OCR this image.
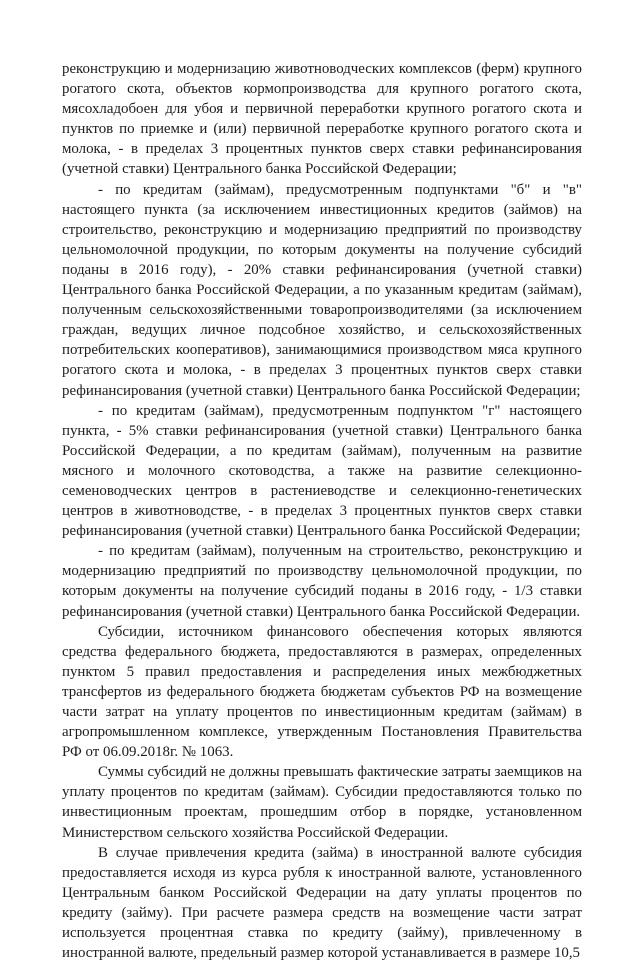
реконструкцию и модернизацию животноводческих комплексов (ферм) крупного рогатого скота, объектов кормопроизводства для крупного рогатого скота, мясохладобоен для убоя и первичной переработки крупного рогатого скота и пунктов по приемке и (или) первичной переработке крупного рогатого скота и молока, - в пределах 3 процентных пунктов сверх ставки рефинансирования (учетной ставки) Центрального банка Российской Федерации;

- по кредитам (займам), предусмотренным подпунктами "б" и "в" настоящего пункта (за исключением инвестиционных кредитов (займов) на строительство, реконструкцию и модернизацию предприятий по производству цельномолочной продукции, по которым документы на получение субсидий поданы в 2016 году), - 20% ставки рефинансирования (учетной ставки) Центрального банка Российской Федерации, а по указанным кредитам (займам), полученным сельскохозяйственными товаропроизводителями (за исключением граждан, ведущих личное подсобное хозяйство, и сельскохозяйственных потребительских кооперативов), занимающимися производством мяса крупного рогатого скота и молока, - в пределах 3 процентных пунктов сверх ставки рефинансирования (учетной ставки) Центрального банка Российской Федерации;

- по кредитам (займам), предусмотренным подпунктом "г" настоящего пункта, - 5% ставки рефинансирования (учетной ставки) Центрального банка Российской Федерации, а по кредитам (займам), полученным на развитие мясного и молочного скотоводства, а также на развитие селекционно-семеноводческих центров в растениеводстве и селекционно-генетических центров в животноводстве, - в пределах 3 процентных пунктов сверх ставки рефинансирования (учетной ставки) Центрального банка Российской Федерации;

- по кредитам (займам), полученным на строительство, реконструкцию и модернизацию предприятий по производству цельномолочной продукции, по которым документы на получение субсидий поданы в 2016 году, - 1/3 ставки рефинансирования (учетной ставки) Центрального банка Российской Федерации.

Субсидии, источником финансового обеспечения которых являются средства федерального бюджета, предоставляются в размерах, определенных пунктом 5 правил предоставления и распределения иных межбюджетных трансфертов из федерального бюджета бюджетам субъектов РФ на возмещение части затрат на уплату процентов по инвестиционным кредитам (займам) в агропромышленном комплексе, утвержденным Постановления Правительства РФ от 06.09.2018г. № 1063.

Суммы субсидий не должны превышать фактические затраты заемщиков на уплату процентов по кредитам (займам). Субсидии предоставляются только по инвестиционным проектам, прошедшим отбор в порядке, установленном Министерством сельского хозяйства Российской Федерации.

В случае привлечения кредита (займа) в иностранной валюте субсидия предоставляется исходя из курса рубля к иностранной валюте, установленного Центральным банком Российской Федерации на дату уплаты процентов по кредиту (займу). При расчете размера средств на возмещение части затрат используется процентная ставка по кредиту (займу), привлеченному в иностранной валюте, предельный размер которой устанавливается в размере 10,5
